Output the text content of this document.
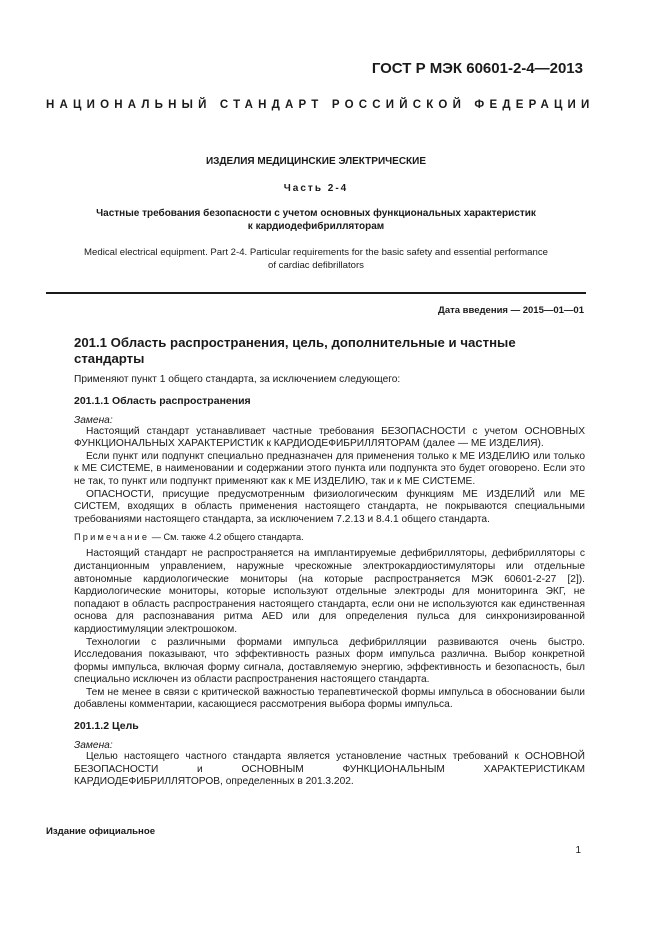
ГОСТ Р МЭК 60601-2-4—2013
НАЦИОНАЛЬНЫЙ СТАНДАРТ РОССИЙСКОЙ ФЕДЕРАЦИИ
ИЗДЕЛИЯ МЕДИЦИНСКИЕ ЭЛЕКТРИЧЕСКИЕ
Часть 2-4
Частные требования безопасности с учетом основных функциональных характеристик
к кардиодефибрилляторам
Medical electrical equipment. Part 2-4. Particular requirements for the basic safety and essential performance
of cardiac defibrillators
Дата введения — 2015—01—01
201.1 Область распространения, цель, дополнительные и частные
стандарты

Применяют пункт 1 общего стандарта, за исключением следующего:

201.1.1 Область распространения

Замена:

Настоящий стандарт устанавливает частные требования БЕЗОПАСНОСТИ с учетом ОСНОВНЫХ ФУНКЦИОНАЛЬНЫХ ХАРАКТЕРИСТИК к КАРДИОДЕФИБРИЛЛЯТОРАМ (далее — МЕ ИЗДЕЛИЯ).

Если пункт или подпункт специально предназначен для применения только к МЕ ИЗДЕЛИЮ или только к МЕ СИСТЕМЕ, в наименовании и содержании этого пункта или подпункта это будет оговорено. Если это не так, то пункт или подпункт применяют как к МЕ ИЗДЕЛИЮ, так и к МЕ СИСТЕМЕ.

ОПАСНОСТИ, присущие предусмотренным физиологическим функциям МЕ ИЗДЕЛИЙ или МЕ СИСТЕМ, входящих в область применения настоящего стандарта, не покрываются специальными требованиями настоящего стандарта, за исключением 7.2.13 и 8.4.1 общего стандарта.

Примечание — См. также 4.2 общего стандарта.

Настоящий стандарт не распространяется на имплантируемые дефибрилляторы, дефибрилляторы с дистанционным управлением, наружные чрескожные электрокардиостимуляторы или отдельные автономные кардиологические мониторы (на которые распространяется МЭК 60601-2-27 [2]). Кардиологические мониторы, которые используют отдельные электроды для мониторинга ЭКГ, не попадают в область распространения настоящего стандарта, если они не используются как единственная основа для распознавания ритма AED или для определения пульса для синхронизированной кардиостимуляции электрошоком.

Технологии с различными формами импульса дефибрилляции развиваются очень быстро. Исследования показывают, что эффективность разных форм импульса различна. Выбор конкретной формы импульса, включая форму сигнала, доставляемую энергию, эффективность и безопасность, был специально исключен из области распространения настоящего стандарта.

Тем не менее в связи с критической важностью терапевтической формы импульса в обосновании были добавлены комментарии, касающиеся рассмотрения выбора формы импульса.

201.1.2 Цель

Замена:

Целью настоящего частного стандарта является установление частных требований к ОСНОВНОЙ БЕЗОПАСНОСТИ и ОСНОВНЫМ ФУНКЦИОНАЛЬНЫМ ХАРАКТЕРИСТИКАМ КАРДИОДЕФИБРИЛЛЯТОРОВ, определенных в 201.3.202.

Издание официальное
1
